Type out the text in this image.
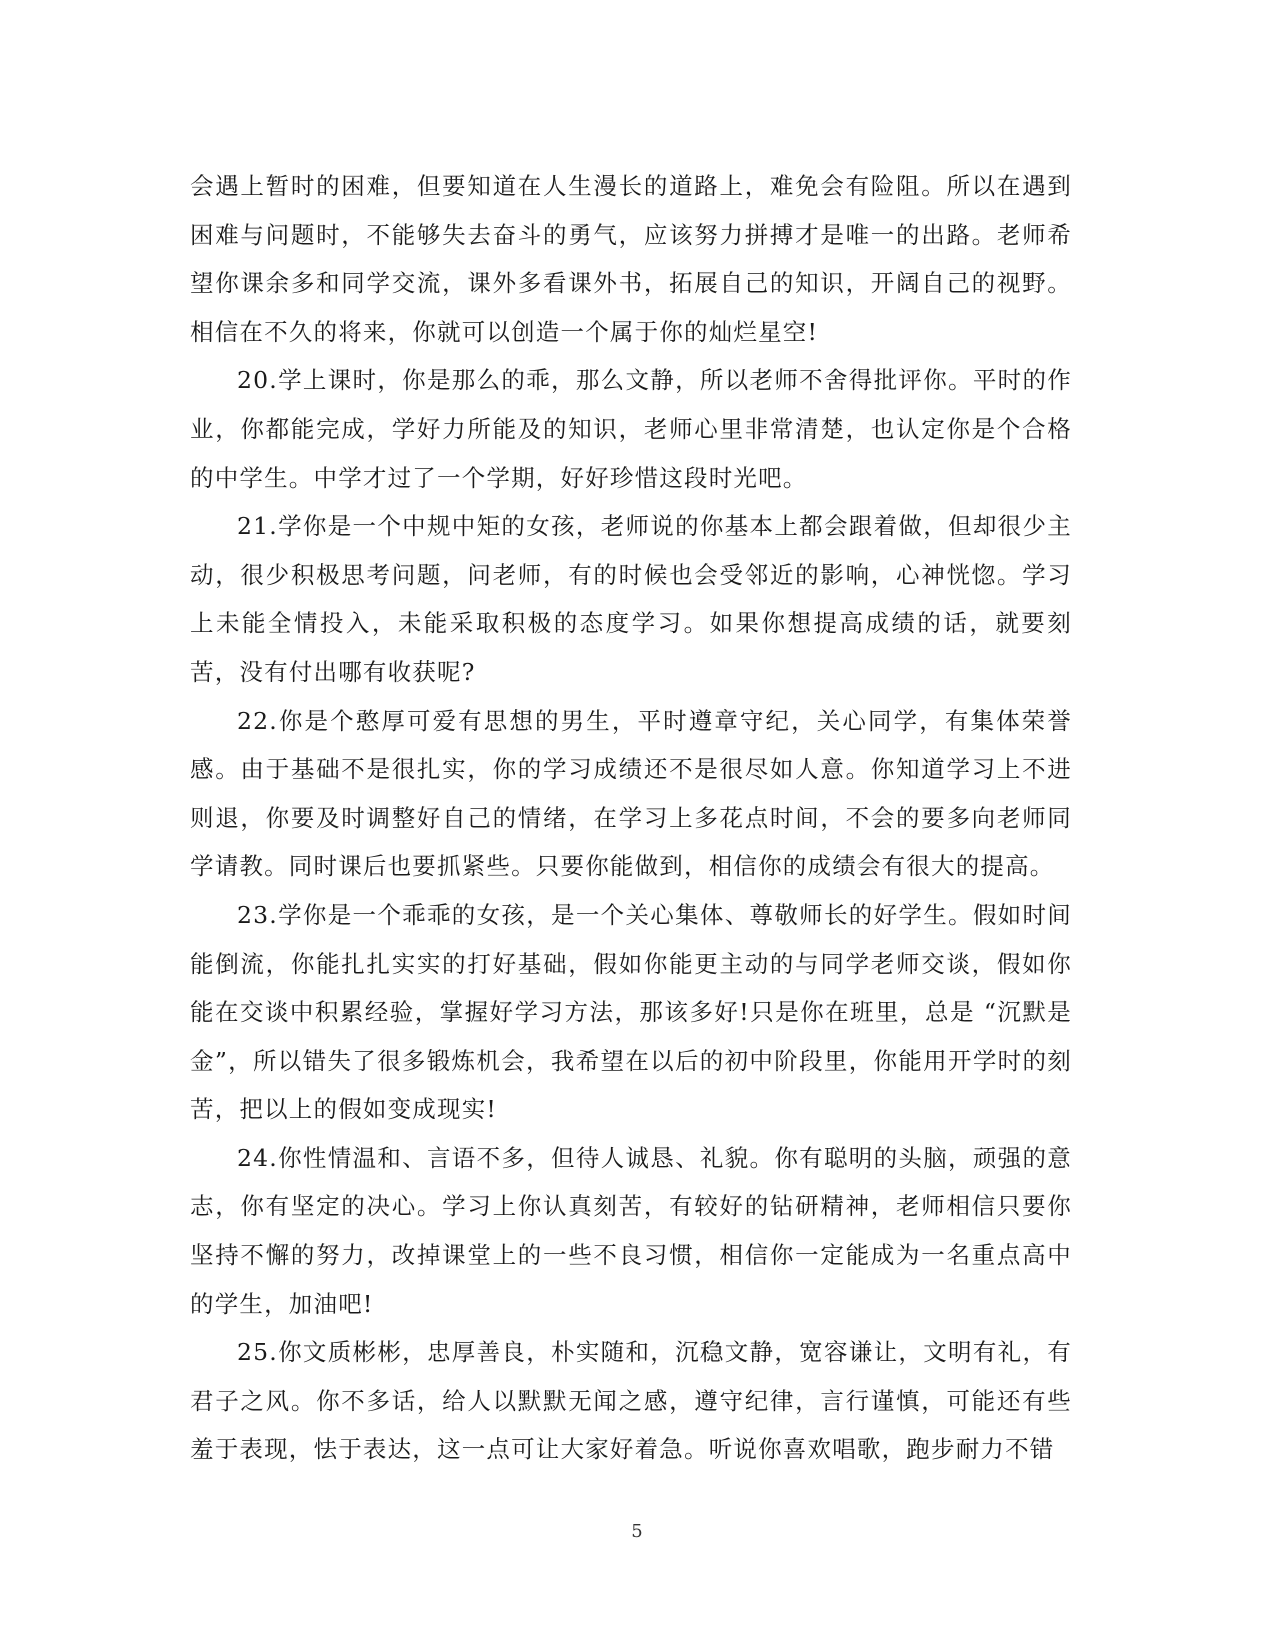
会遇上暂时的困难，但要知道在人生漫长的道路上，难免会有险阻。所以在遇到困难与问题时，不能够失去奋斗的勇气，应该努力拼搏才是唯一的出路。老师希望你课余多和同学交流，课外多看课外书，拓展自己的知识，开阔自己的视野。相信在不久的将来，你就可以创造一个属于你的灿烂星空!

20.学上课时，你是那么的乖，那么文静，所以老师不舍得批评你。平时的作业，你都能完成，学好力所能及的知识，老师心里非常清楚，也认定你是个合格的中学生。中学才过了一个学期，好好珍惜这段时光吧。

21.学你是一个中规中矩的女孩，老师说的你基本上都会跟着做，但却很少主动，很少积极思考问题，问老师，有的时候也会受邻近的影响，心神恍惚。学习上未能全情投入，未能采取积极的态度学习。如果你想提高成绩的话，就要刻苦，没有付出哪有收获呢?

22.你是个憨厚可爱有思想的男生，平时遵章守纪，关心同学，有集体荣誉感。由于基础不是很扎实，你的学习成绩还不是很尽如人意。你知道学习上不进则退，你要及时调整好自己的情绪，在学习上多花点时间，不会的要多向老师同学请教。同时课后也要抓紧些。只要你能做到，相信你的成绩会有很大的提高。

23.学你是一个乖乖的女孩，是一个关心集体、尊敬师长的好学生。假如时间能倒流，你能扎扎实实的打好基础，假如你能更主动的与同学老师交谈，假如你能在交谈中积累经验，掌握好学习方法，那该多好!只是你在班里，总是 “沉默是金”，所以错失了很多锻炼机会，我希望在以后的初中阶段里，你能用开学时的刻苦，把以上的假如变成现实!

24.你性情温和、言语不多，但待人诚恳、礼貌。你有聪明的头脑，顽强的意志，你有坚定的决心。学习上你认真刻苦，有较好的钻研精神，老师相信只要你坚持不懈的努力，改掉课堂上的一些不良习惯，相信你一定能成为一名重点高中的学生，加油吧!

25.你文质彬彬，忠厚善良，朴实随和，沉稳文静，宽容谦让，文明有礼，有君子之风。你不多话，给人以默默无闻之感，遵守纪律，言行谨慎，可能还有些羞于表现，怯于表达，这一点可让大家好着急。听说你喜欢唱歌，跑步耐力不错

5
